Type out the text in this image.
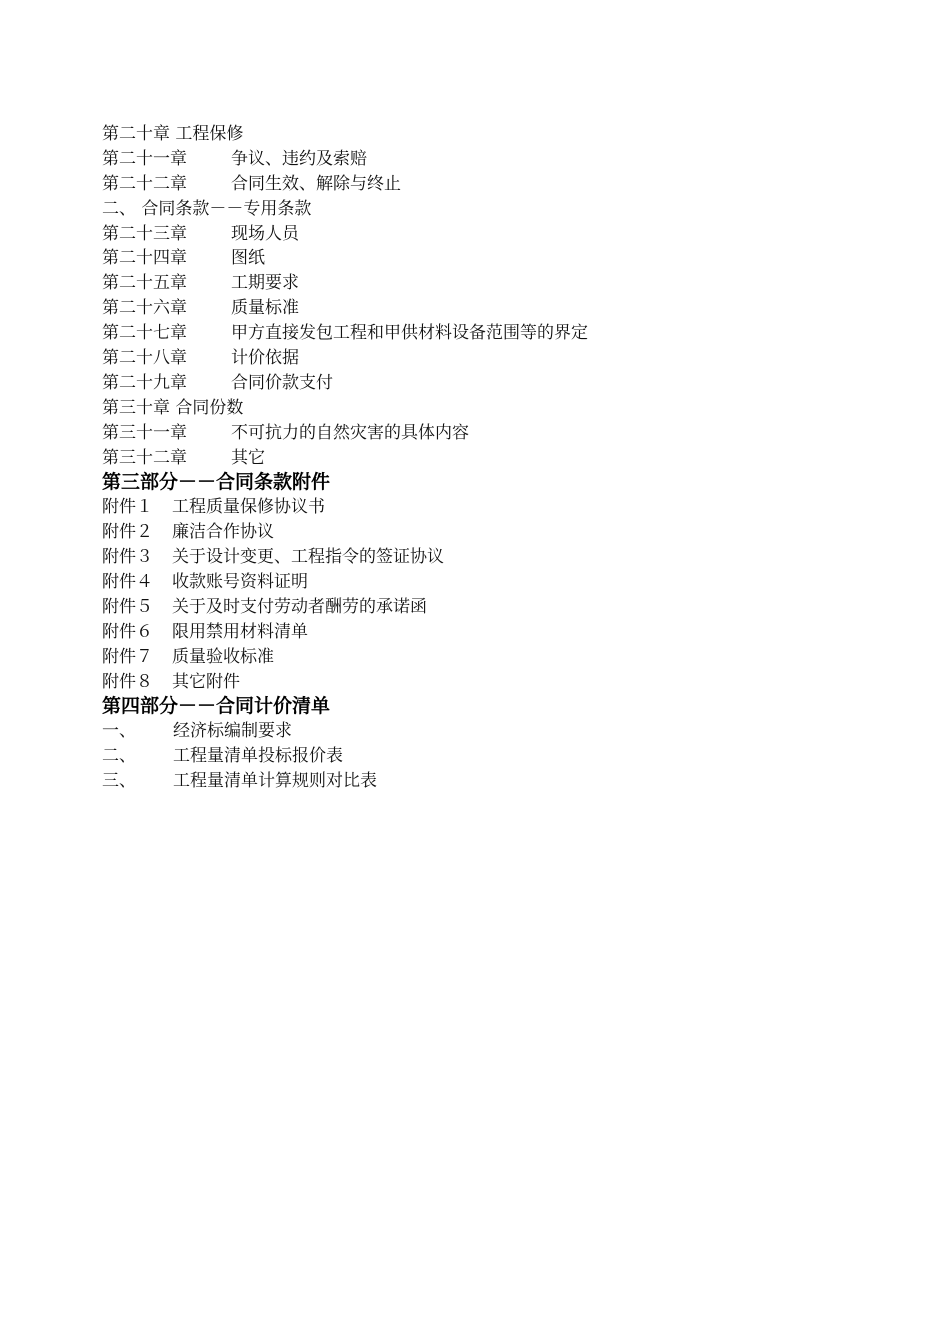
第二十章 工程保修
第二十一章	争议、违约及索赔
第二十二章	合同生效、解除与终止
二、 合同条款－－专用条款
第二十三章	现场人员
第二十四章	图纸
第二十五章	工期要求
第二十六章	质量标准
第二十七章	甲方直接发包工程和甲供材料设备范围等的界定
第二十八章	计价依据
第二十九章	合同价款支付
第三十章 合同份数
第三十一章	不可抗力的自然灾害的具体内容
第三十二章	其它
第三部分－－合同条款附件
附件１	工程质量保修协议书
附件２	廉洁合作协议
附件３	关于设计变更、工程指令的签证协议
附件４	收款账号资料证明
附件５	关于及时支付劳动者酬劳的承诺函
附件６	限用禁用材料清单
附件７	质量验收标准
附件８	其它附件
第四部分－－合同计价清单
一、	经济标编制要求
二、	工程量清单投标报价表
三、	工程量清单计算规则对比表
